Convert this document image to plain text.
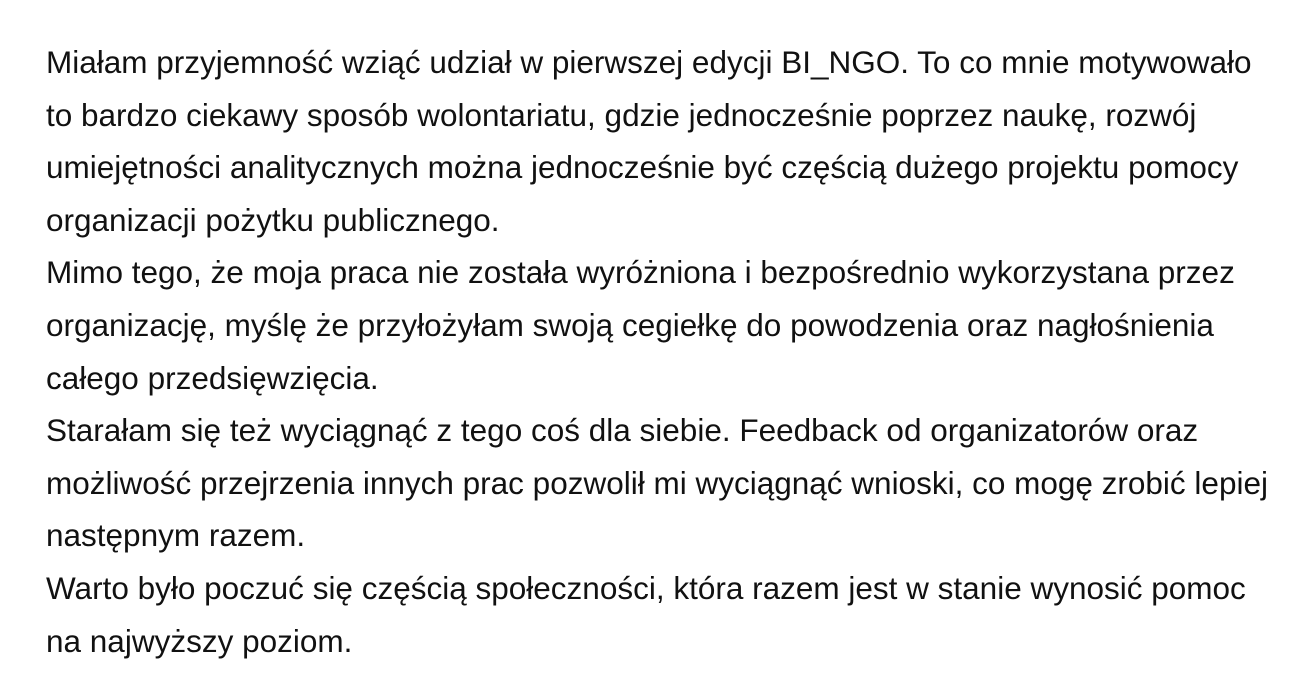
Miałam przyjemność wziąć udział w pierwszej edycji BI_NGO. To co mnie motywowało to bardzo ciekawy sposób wolontariatu, gdzie jednocześnie poprzez naukę, rozwój umiejętności analitycznych można jednocześnie być częścią dużego projektu pomocy organizacji pożytku publicznego.

Mimo tego, że moja praca nie została wyróżniona i bezpośrednio wykorzystana przez organizację, myślę że przyłożyłam swoją cegiełkę do powodzenia oraz nagłośnienia całego przedsięwzięcia.

Starałam się też wyciągnąć z tego coś dla siebie. Feedback od organizatorów oraz możliwość przejrzenia innych prac pozwolił mi wyciągnąć wnioski, co mogę zrobić lepiej następnym razem.

Warto było poczuć się częścią społeczności, która razem jest w stanie wynosić pomoc na najwyższy poziom.
